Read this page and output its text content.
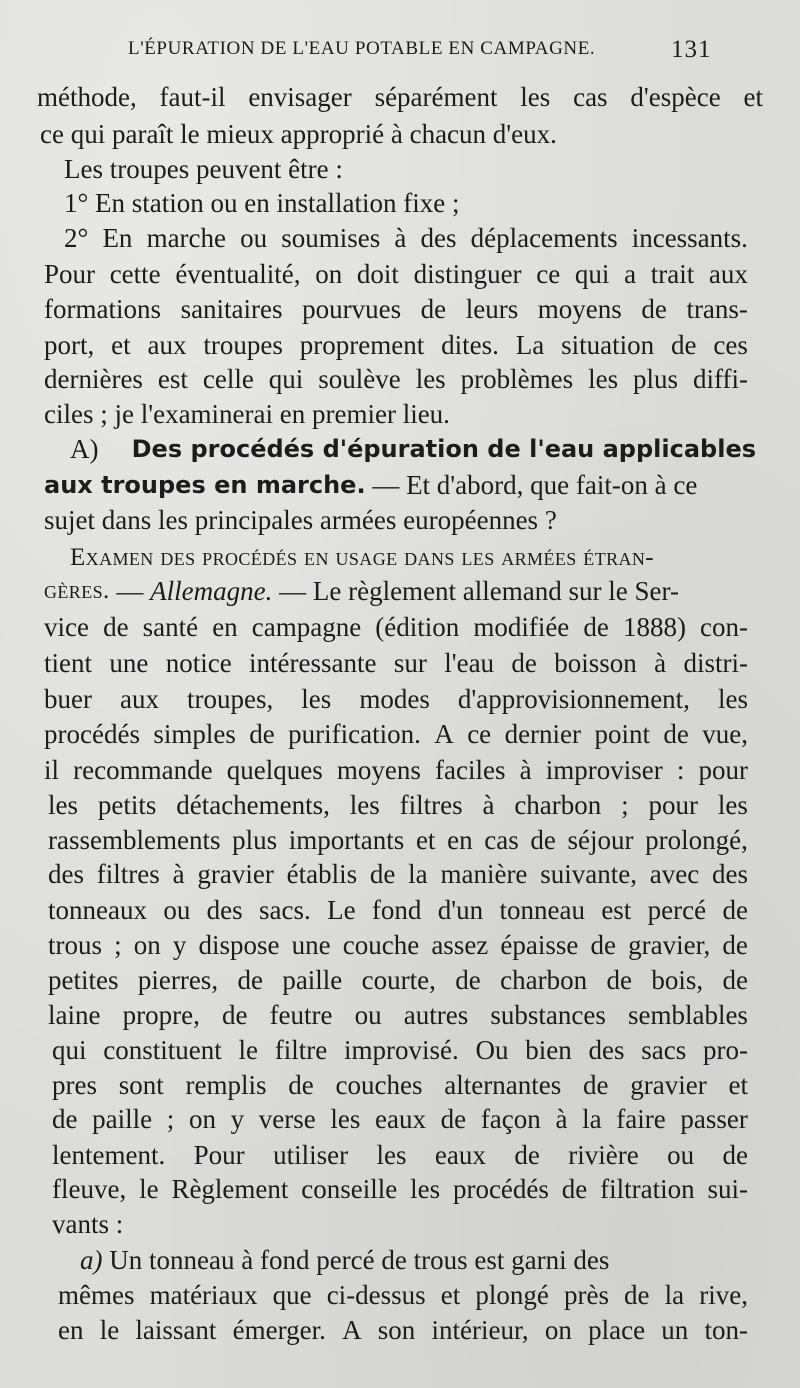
L'ÉPURATION DE L'EAU POTABLE EN CAMPAGNE.	131
méthode, faut-il envisager séparément les cas d'espèce et
ce qui paraît le mieux approprié à chacun d'eux.
Les troupes peuvent être :
1° En station ou en installation fixe ;
2° En marche ou soumises à des déplacements incessants.
Pour cette éventualité, on doit distinguer ce qui a trait aux
formations sanitaires pourvues de leurs moyens de trans-
port, et aux troupes proprement dites. La situation de ces
dernières est celle qui soulève les problèmes les plus diffi-
ciles ; je l'examinerai en premier lieu.
A) Des procédés d'épuration de l'eau applicables
aux troupes en marche. — Et d'abord, que fait-on à ce
sujet dans les principales armées européennes ?
Examen des procédés en usage dans les armées étran-
gères. — Allemagne. — Le règlement allemand sur le Ser-
vice de santé en campagne (édition modifiée de 1888) con-
tient une notice intéressante sur l'eau de boisson à distri-
buer aux troupes, les modes d'approvisionnement, les
procédés simples de purification. A ce dernier point de vue,
il recommande quelques moyens faciles à improviser : pour
les petits détachements, les filtres à charbon ; pour les
rassemblements plus importants et en cas de séjour prolongé,
des filtres à gravier établis de la manière suivante, avec des
tonneaux ou des sacs. Le fond d'un tonneau est percé de
trous ; on y dispose une couche assez épaisse de gravier, de
petites pierres, de paille courte, de charbon de bois, de
laine propre, de feutre ou autres substances semblables
qui constituent le filtre improvisé. Ou bien des sacs pro-
pres sont remplis de couches alternantes de gravier et
de paille ; on y verse les eaux de façon à la faire passer
lentement. Pour utiliser les eaux de rivière ou de
fleuve, le Règlement conseille les procédés de filtration sui-
vants :
a) Un tonneau à fond percé de trous est garni des
mêmes matériaux que ci-dessus et plongé près de la rive,
en le laissant émerger. A son intérieur, on place un ton-
